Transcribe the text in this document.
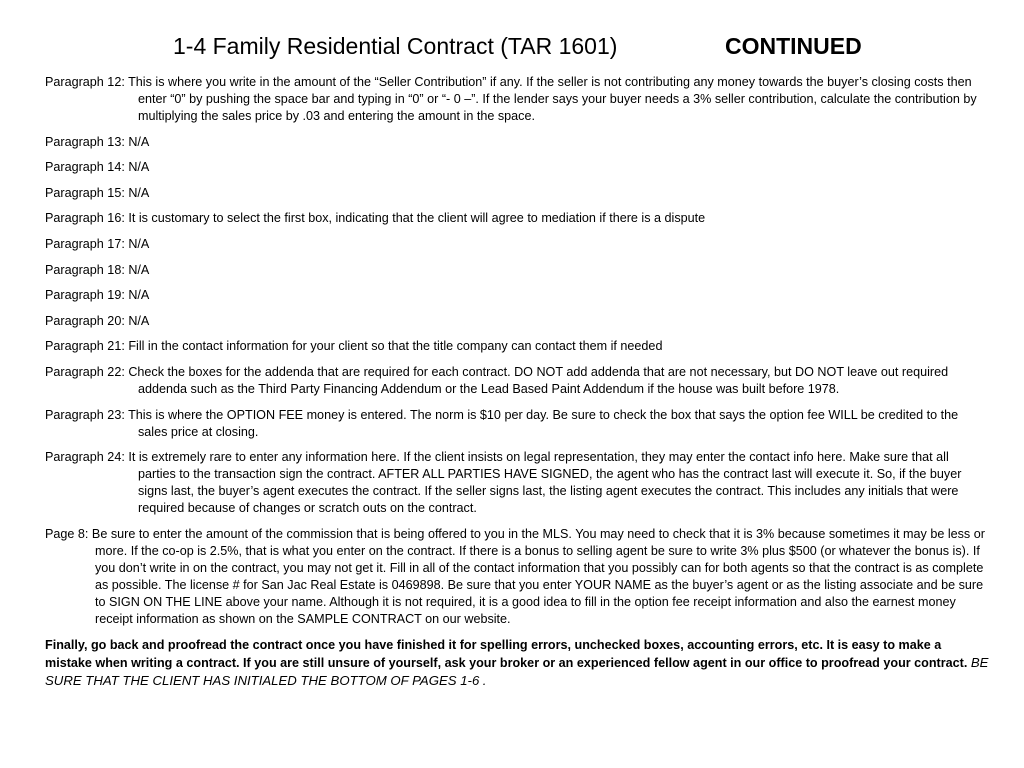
1-4 Family Residential Contract (TAR 1601)	CONTINUED

Paragraph 12: This is where you write in the amount of the “Seller Contribution” if any. If the seller is not contributing any money towards the buyer’s closing costs then enter “0” by pushing the space bar and typing in “0” or “- 0 –”. If the lender says your buyer needs a 3% seller contribution, calculate the contribution by multiplying the sales price by .03 and entering the amount in the space.

Paragraph 13: N/A

Paragraph 14: N/A

Paragraph 15: N/A

Paragraph 16: It is customary to select the first box, indicating that the client will agree to mediation if there is a dispute

Paragraph 17: N/A

Paragraph 18: N/A

Paragraph 19: N/A

Paragraph 20: N/A

Paragraph 21: Fill in the contact information for your client so that the title company can contact them if needed

Paragraph 22: Check the boxes for the addenda that are required for each contract. DO NOT add addenda that are not necessary, but DO NOT leave out required addenda such as the Third Party Financing Addendum or the Lead Based Paint Addendum if the house was built before 1978.

Paragraph 23: This is where the OPTION FEE money is entered. The norm is $10 per day. Be sure to check the box that says the option fee WILL be credited to the sales price at closing.

Paragraph 24: It is extremely rare to enter any information here. If the client insists on legal representation, they may enter the contact info here. Make sure that all parties to the transaction sign the contract. AFTER ALL PARTIES HAVE SIGNED, the agent who has the contract last will execute it. So, if the buyer signs last, the buyer’s agent executes the contract. If the seller signs last, the listing agent executes the contract. This includes any initials that were required because of changes or scratch outs on the contract.

Page 8: Be sure to enter the amount of the commission that is being offered to you in the MLS. You may need to check that it is 3% because sometimes it may be less or more. If the co-op is 2.5%, that is what you enter on the contract. If there is a bonus to selling agent be sure to write 3% plus $500 (or whatever the bonus is). If you don’t write in on the contract, you may not get it. Fill in all of the contact information that you possibly can for both agents so that the contract is as complete as possible. The license # for San Jac Real Estate is 0469898. Be sure that you enter YOUR NAME as the buyer’s agent or as the listing associate and be sure to SIGN ON THE LINE above your name. Although it is not required, it is a good idea to fill in the option fee receipt information and also the earnest money receipt information as shown on the SAMPLE CONTRACT on our website.

Finally, go back and proofread the contract once you have finished it for spelling errors, unchecked boxes, accounting errors, etc. It is easy to make a mistake when writing a contract. If you are still unsure of yourself, ask your broker or an experienced fellow agent in our office to proofread your contract. BE SURE THAT THE CLIENT HAS INITIALED THE BOTTOM OF PAGES 1-6 .
